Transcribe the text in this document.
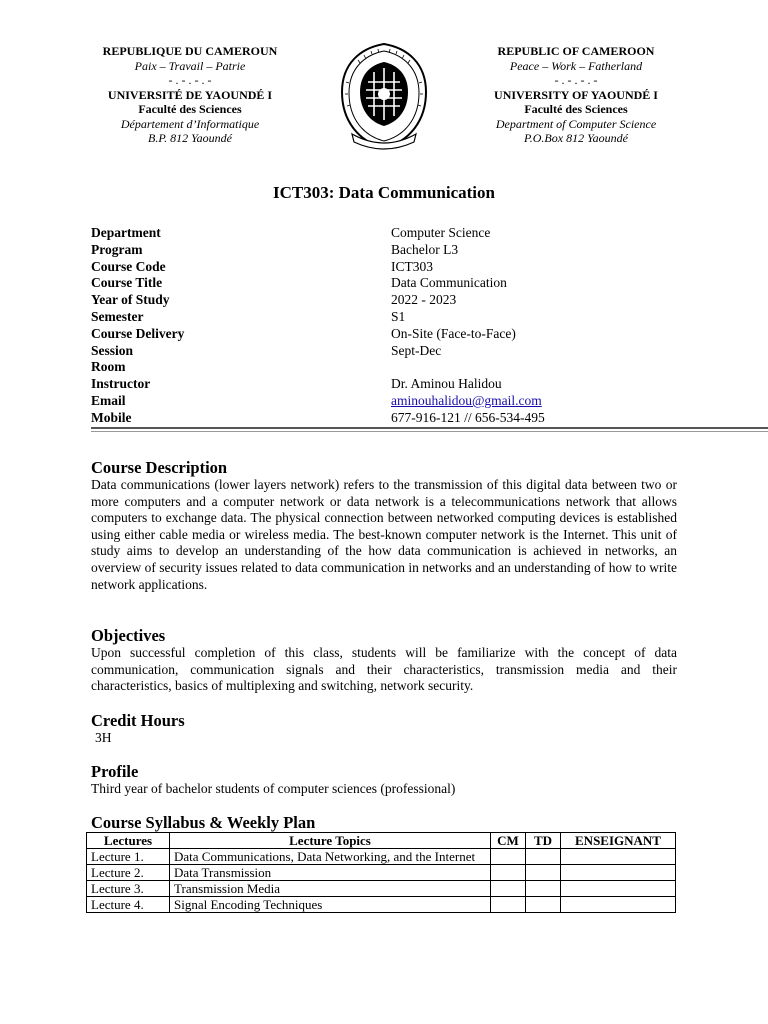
REPUBLIQUE DU CAMEROUN
Paix – Travail – Patrie
- . - . - . -
UNIVERSITÉ DE YAOUNDÉ I
Faculté des Sciences
Département d’Informatique
B.P. 812 Yaoundé
REPUBLIC OF CAMEROON
Peace – Work – Fatherland
- . - . - . -
UNIVERSITY OF YAOUNDÉ I
Faculté des Sciences
Department of Computer Science
P.O.Box 812 Yaoundé
ICT303: Data Communication
Department	Computer Science
Program	Bachelor L3
Course Code	ICT303
Course Title	Data Communication
Year of Study	2022 - 2023
Semester	S1
Course Delivery	On-Site (Face-to-Face)
Session	Sept-Dec
Room
Instructor	Dr. Aminou Halidou
Email	aminouhalidou@gmail.com
Mobile	677-916-121 // 656-534-495
Course Description
Data communications (lower layers network) refers to the transmission of this digital data between two or more computers and a computer network or data network is a telecommunications network that allows computers to exchange data. The physical connection between networked computing devices is established using either cable media or wireless media. The best-known computer network is the Internet. This unit of study aims to develop an understanding of the how data communication is achieved in networks, an overview of security issues related to data communication in networks and an understanding of how to write network applications.
Objectives
Upon successful completion of this class, students will be familiarize with the concept of data communication, communication signals and their characteristics, transmission media and their characteristics, basics of multiplexing and switching, network security.
Credit Hours
3H
Profile
Third year of bachelor students of computer sciences (professional)
Course Syllabus & Weekly Plan
Lectures	Lecture Topics	CM	TD	ENSEIGNANT
Lecture 1.	Data Communications, Data Networking, and the Internet			
Lecture 2.	Data Transmission			
Lecture 3.	Transmission Media			
Lecture 4.	Signal Encoding Techniques			
